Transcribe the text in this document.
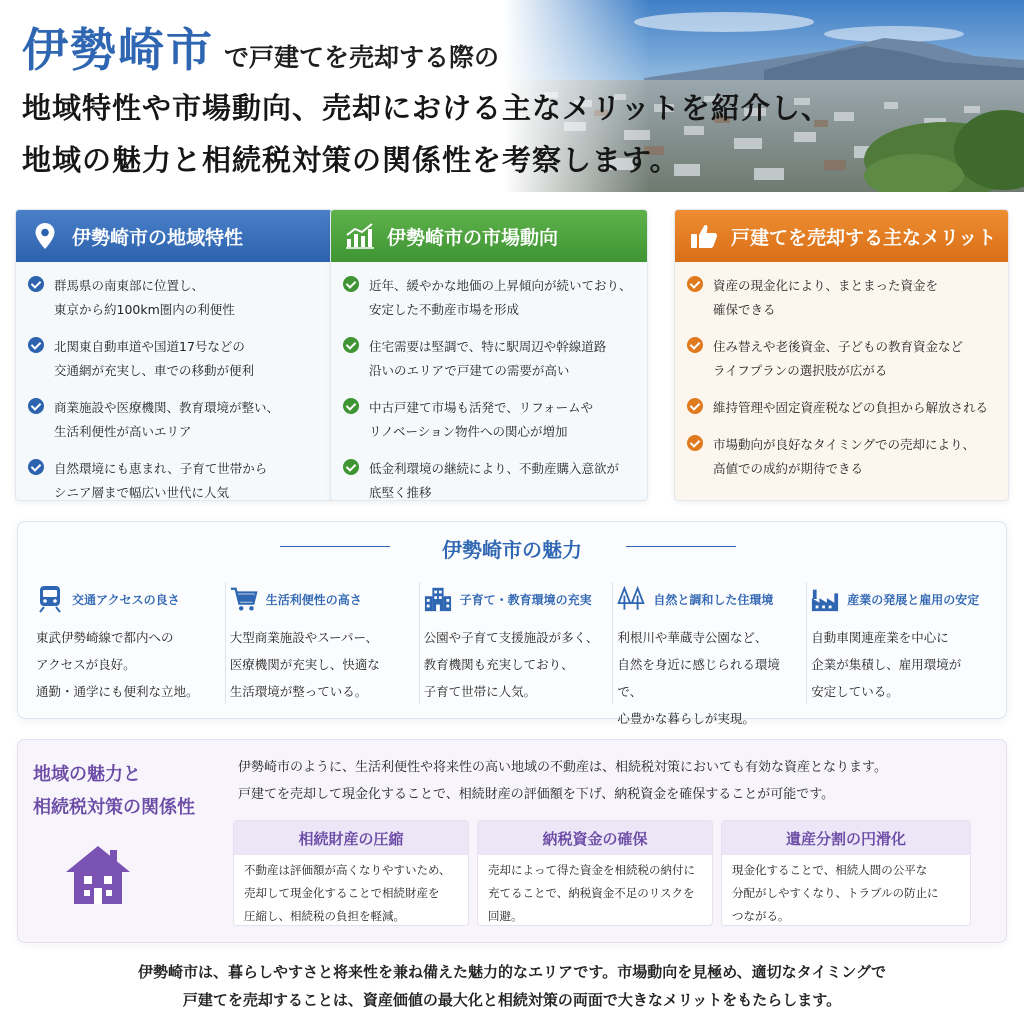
伊勢崎市 で戸建てを売却する際の
地域特性や市場動向、売却における主なメリットを紹介し、
地域の魅力と相続税対策の関係性を考察します。
伊勢崎市の地域特性
群馬県の南東部に位置し、
東京から約100km圏内の利便性
北関東自動車道や国道17号などの
交通網が充実し、車での移動が便利
商業施設や医療機関、教育環境が整い、
生活利便性が高いエリア
自然環境にも恵まれ、子育て世帯から
シニア層まで幅広い世代に人気
伊勢崎市の市場動向
近年、緩やかな地価の上昇傾向が続いており、
安定した不動産市場を形成
住宅需要は堅調で、特に駅周辺や幹線道路
沿いのエリアで戸建ての需要が高い
中古戸建て市場も活発で、リフォームや
リノベーション物件への関心が増加
低金利環境の継続により、不動産購入意欲が
底堅く推移
戸建てを売却する主なメリット
資産の現金化により、まとまった資金を
確保できる
住み替えや老後資金、子どもの教育資金など
ライフプランの選択肢が広がる
維持管理や固定資産税などの負担から解放される
市場動向が良好なタイミングでの売却により、
高値での成約が期待できる
伊勢崎市の魅力
交通アクセスの良さ
東武伊勢崎線で都内への
アクセスが良好。
通勤・通学にも便利な立地。
生活利便性の高さ
大型商業施設やスーパー、
医療機関が充実し、快適な
生活環境が整っている。
子育て・教育環境の充実
公園や子育て支援施設が多く、
教育機関も充実しており、
子育て世帯に人気。
自然と調和した住環境
利根川や華蔵寺公園など、
自然を身近に感じられる環境で、
心豊かな暮らしが実現。
産業の発展と雇用の安定
自動車関連産業を中心に
企業が集積し、雇用環境が
安定している。
地域の魅力と
相続税対策の関係性
伊勢崎市のように、生活利便性や将来性の高い地域の不動産は、相続税対策においても有効な資産となります。
戸建てを売却して現金化することで、相続財産の評価額を下げ、納税資金を確保することが可能です。
相続財産の圧縮
不動産は評価額が高くなりやすいため、
売却して現金化することで相続財産を
圧縮し、相続税の負担を軽減。
納税資金の確保
売却によって得た資金を相続税の納付に
充てることで、納税資金不足のリスクを
回避。
遺産分割の円滑化
現金化することで、相続人間の公平な
分配がしやすくなり、トラブルの防止に
つながる。
伊勢崎市は、暮らしやすさと将来性を兼ね備えた魅力的なエリアです。市場動向を見極め、適切なタイミングで
戸建てを売却することは、資産価値の最大化と相続対策の両面で大きなメリットをもたらします。
